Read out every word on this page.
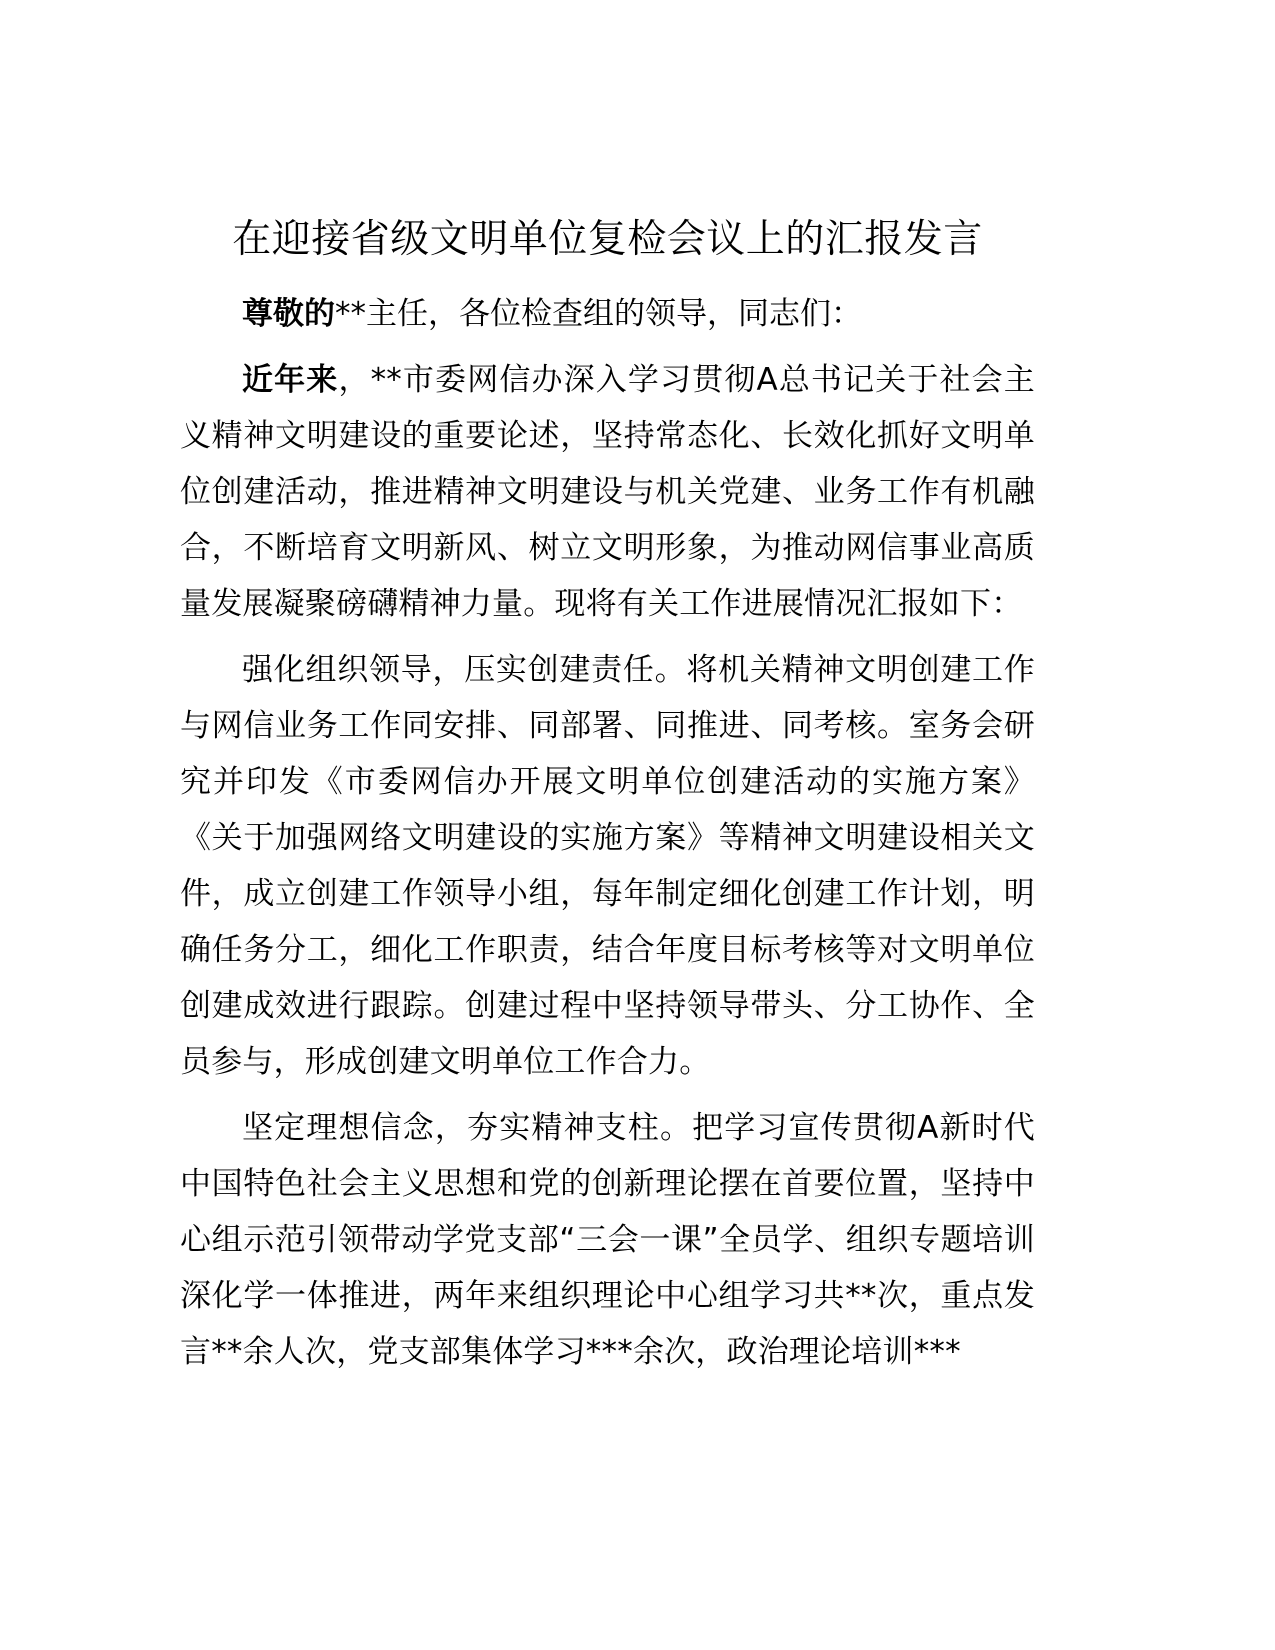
在迎接省级文明单位复检会议上的汇报发言

尊敬的**主任，各位检查组的领导，同志们：

近年来，**市委网信办深入学习贯彻A总书记关于社会主义精神文明建设的重要论述，坚持常态化、长效化抓好文明单位创建活动，推进精神文明建设与机关党建、业务工作有机融合，不断培育文明新风、树立文明形象，为推动网信事业高质量发展凝聚磅礴精神力量。现将有关工作进展情况汇报如下：

强化组织领导，压实创建责任。将机关精神文明创建工作与网信业务工作同安排、同部署、同推进、同考核。室务会研究并印发《市委网信办开展文明单位创建活动的实施方案》《关于加强网络文明建设的实施方案》等精神文明建设相关文件，成立创建工作领导小组，每年制定细化创建工作计划，明确任务分工，细化工作职责，结合年度目标考核等对文明单位创建成效进行跟踪。创建过程中坚持领导带头、分工协作、全员参与，形成创建文明单位工作合力。

坚定理想信念，夯实精神支柱。把学习宣传贯彻A新时代中国特色社会主义思想和党的创新理论摆在首要位置，坚持中心组示范引领带动学党支部“三会一课”全员学、组织专题培训深化学一体推进，两年来组织理论中心组学习共**次，重点发言**余人次，党支部集体学习***余次，政治理论培训***
